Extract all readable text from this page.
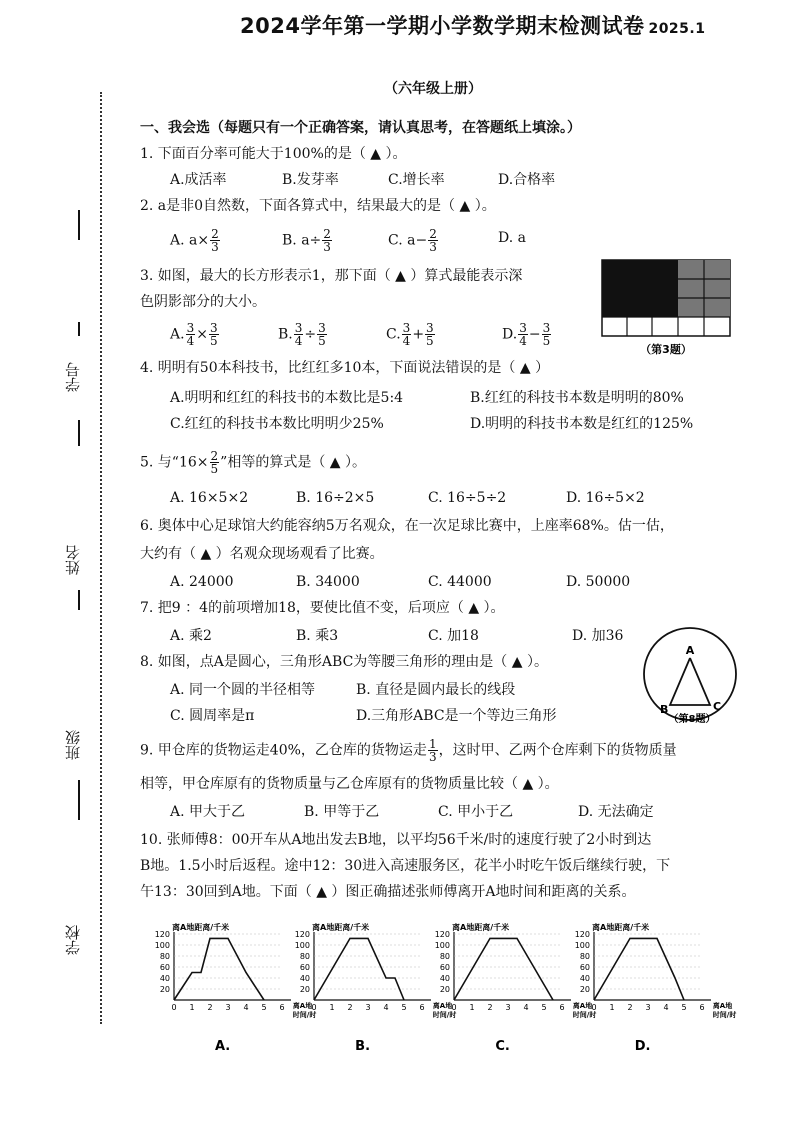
2024学年第一学期小学数学期末检测试卷 2025.1
（六年级上册）
学号
姓名
班级
学校
一、我会选（每题只有一个正确答案，请认真思考，在答题纸上填涂。）
1. 下面百分率可能大于100%的是（ ▲ ）。
A.成活率	B.发芽率	C.增长率	D.合格率
2. a是非0自然数，下面各算式中，结果最大的是（ ▲ ）。
A. $a\times \frac{2}{3}$	B. $a\div \frac{2}{3}$	C. $a- \frac{2}{3}$	D. a
3. 如图，最大的长方形表示1，那下面（ ▲ ）算式最能表示深
色阴影部分的大小。
A. $\frac{3}{4} \times \frac{3}{5}$	B. $\frac{3}{4} \div \frac{3}{5}$	C. $\frac{3}{4} + \frac{3}{5}$	D. $\frac{3}{4} - \frac{3}{5}$
（第3题）
4. 明明有50本科技书，比红红多10本，下面说法错误的是（ ▲ ）
A.明明和红红的科技书的本数比是5:4	B.红红的科技书本数是明明的80%
C.红红的科技书本数比明明少25%	D.明明的科技书本数是红红的125%
5. 与“$16\times \frac{2}{5}$ ”相等的算式是（ ▲ ）。
A. 16×5×2	B. 16÷2×5	C. 16÷5÷2	D. 16÷5×2
6. 奥体中心足球馆大约能容纳5万名观众，在一次足球比赛中，上座率68%。估一估，
大约有（ ▲ ）名观众现场观看了比赛。
A. 24000	B. 34000	C. 44000	D. 50000
7. 把9 ：4的前项增加18，要使比值不变，后项应（ ▲ ）。
A. 乘2	B. 乘3	C. 加18	D. 加36
8. 如图，点A是圆心，三角形ABC为等腰三角形的理由是（ ▲ ）。
A. 同一个圆的半径相等	B. 直径是圆内最长的线段
C. 圆周率是π	D.三角形ABC是一个等边三角形
A
B	C
（第8题）
9. 甲仓库的货物运走40%，乙仓库的货物运走 $\frac{1}{3}$ ，这时甲、乙两个仓库剩下的货物质量
相等，甲仓库原有的货物质量与乙仓库原有的货物质量比较（ ▲ ）。
A. 甲大于乙	B. 甲等于乙	C. 甲小于乙	D. 无法确定
10. 张师傅8：00开车从A地出发去B地，以平均56千米/时的速度行驶了2小时到达
B地。1.5小时后返程。途中12：30进入高速服务区，花半小时吃午饭后继续行驶，下
午13：30回到A地。下面（ ▲ ）图正确描述张师傅离开A地时间和距离的关系。
离A地距离/千米
120
100
80
60
40
20
0 1 2 3 4 5 6 离A地
时间/时
A.
离A地距离/千米
120
100
80
60
40
20
0 1 2 3 4 5 6 离A地
时间/时
B.
离A地距离/千米
120
100
80
60
40
20
0 1 2 3 4 5 6 离A地
时间/时
C.
离A地距离/千米
120
100
80
60
40
20
0 1 2 3 4 5 6 离A地
时间/时
D.
